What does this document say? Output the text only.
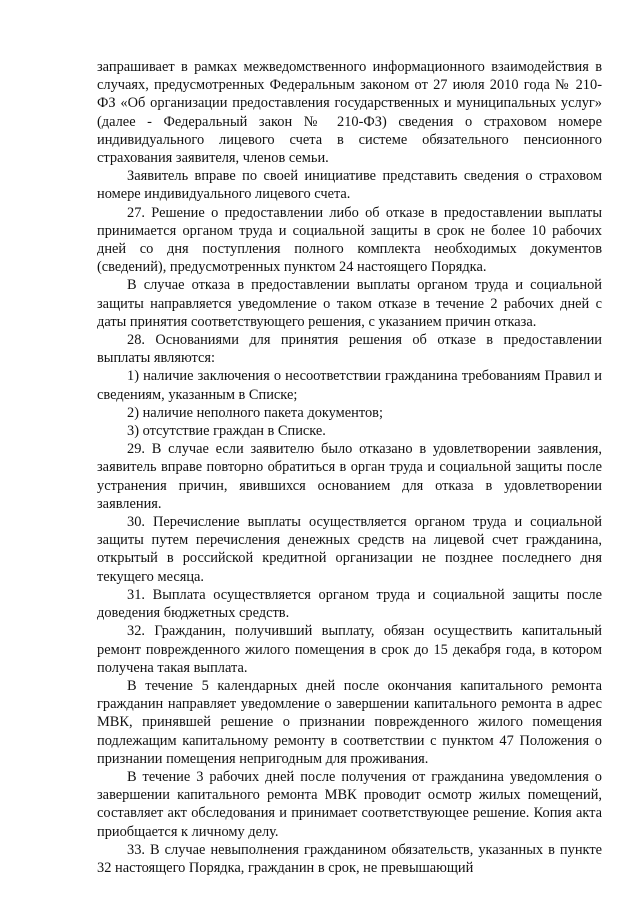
запрашивает в рамках межведомственного информационного взаимодействия в случаях, предусмотренных Федеральным законом от 27 июля 2010 года № 210-ФЗ «Об организации предоставления государственных и муниципальных услуг» (далее - Федеральный закон № 210-ФЗ) сведения о страховом номере индивидуального лицевого счета в системе обязательного пенсионного страхования заявителя, членов семьи.

Заявитель вправе по своей инициативе представить сведения о страховом номере индивидуального лицевого счета.

27. Решение о предоставлении либо об отказе в предоставлении выплаты принимается органом труда и социальной защиты в срок не более 10 рабочих дней со дня поступления полного комплекта необходимых документов (сведений), предусмотренных пунктом 24 настоящего Порядка.

В случае отказа в предоставлении выплаты органом труда и социальной защиты направляется уведомление о таком отказе в течение 2 рабочих дней с даты принятия соответствующего решения, с указанием причин отказа.

28. Основаниями для принятия решения об отказе в предоставлении выплаты являются:

1) наличие заключения о несоответствии гражданина требованиям Правил и сведениям, указанным в Списке;

2) наличие неполного пакета документов;

3) отсутствие граждан в Списке.

29. В случае если заявителю было отказано в удовлетворении заявления, заявитель вправе повторно обратиться в орган труда и социальной защиты после устранения причин, явившихся основанием для отказа в удовлетворении заявления.

30. Перечисление выплаты осуществляется органом труда и социальной защиты путем перечисления денежных средств на лицевой счет гражданина, открытый в российской кредитной организации не позднее последнего дня текущего месяца.

31. Выплата осуществляется органом труда и социальной защиты после доведения бюджетных средств.

32. Гражданин, получивший выплату, обязан осуществить капитальный ремонт поврежденного жилого помещения в срок до 15 декабря года, в котором получена такая выплата.

В течение 5 календарных дней после окончания капитального ремонта гражданин направляет уведомление о завершении капитального ремонта в адрес МВК, принявшей решение о признании поврежденного жилого помещения подлежащим капитальному ремонту в соответствии с пунктом 47 Положения о признании помещения непригодным для проживания.

В течение 3 рабочих дней после получения от гражданина уведомления о завершении капитального ремонта МВК проводит осмотр жилых помещений, составляет акт обследования и принимает соответствующее решение. Копия акта приобщается к личному делу.

33. В случае невыполнения гражданином обязательств, указанных в пункте 32 настоящего Порядка, гражданин в срок, не превышающий
